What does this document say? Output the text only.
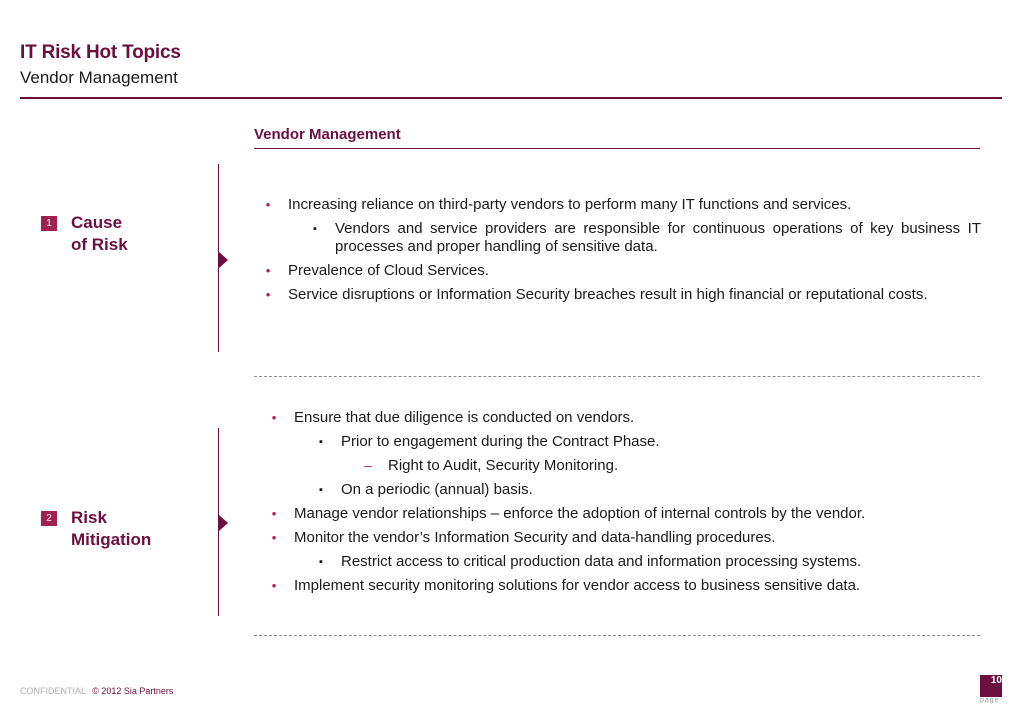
IT Risk Hot Topics
Vendor Management
Vendor Management
1	Cause
of Risk
• Increasing reliance on third-party vendors to perform many IT functions and services.
▪ Vendors and service providers are responsible for continuous operations of key business IT processes and proper handling of sensitive data.
• Prevalence of Cloud Services.
• Service disruptions or Information Security breaches result in high financial or reputational costs.
2	Risk
Mitigation
• Ensure that due diligence is conducted on vendors.
▪ Prior to engagement during the Contract Phase.
– Right to Audit, Security Monitoring.
▪ On a periodic (annual) basis.
• Manage vendor relationships – enforce the adoption of internal controls by the vendor.
• Monitor the vendor’s Information Security and data-handling procedures.
▪ Restrict access to critical production data and information processing systems.
• Implement security monitoring solutions for vendor access to business sensitive data.
CONFIDENTIAL © 2012 Sia Partners
10
page
